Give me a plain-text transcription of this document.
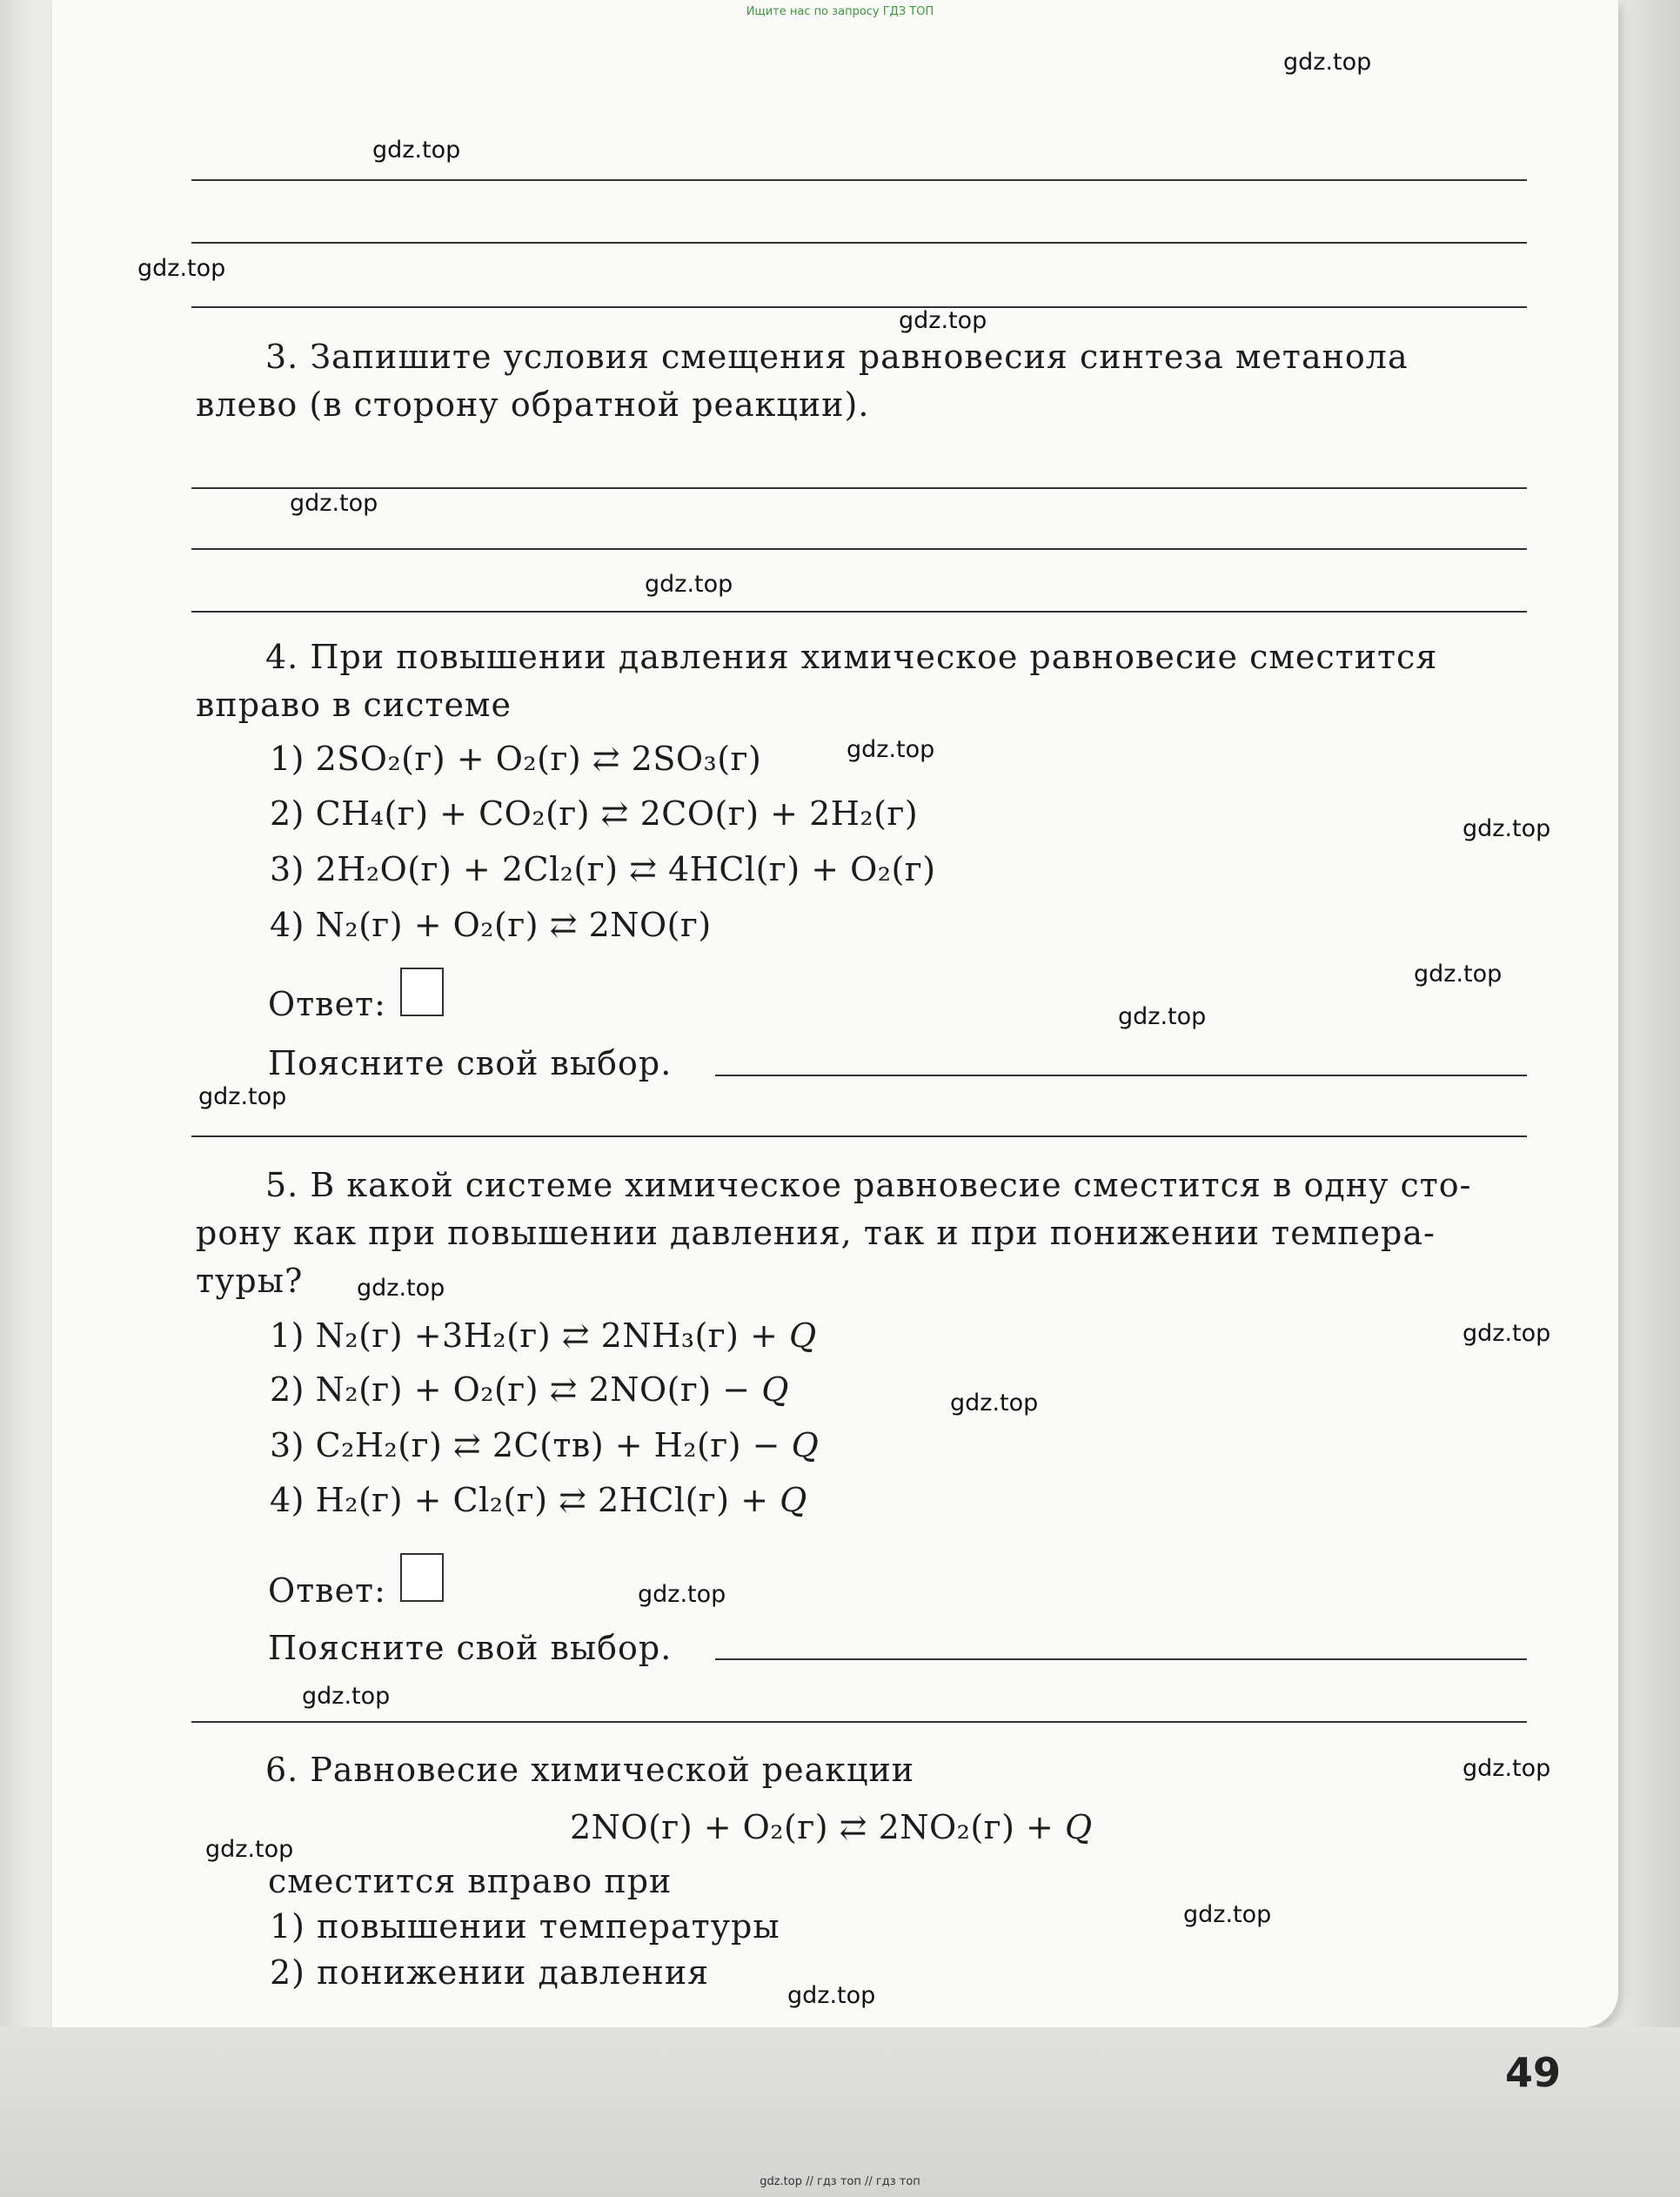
Ищите нас по запросу ГДЗ ТОП
3. Запишите условия смещения равновесия синтеза метанола
влево (в сторону обратной реакции).
4. При повышении давления химическое равновесие сместится
вправо в системе
1) 2SO₂(г) + O₂(г) ⇄ 2SO₃(г)
2) CH₄(г) + CO₂(г) ⇄ 2CO(г) + 2H₂(г)
3) 2H₂O(г) + 2Cl₂(г) ⇄ 4HCl(г) + O₂(г)
4) N₂(г) + O₂(г) ⇄ 2NO(г)
Ответ:
Поясните свой выбор.
5. В какой системе химическое равновесие сместится в одну сто-
рону как при повышении давления, так и при понижении темпера-
туры?
1) N₂(г) +3H₂(г) ⇄ 2NH₃(г) + Q
2) N₂(г) + O₂(г) ⇄ 2NO(г) − Q
3) C₂H₂(г) ⇄ 2C(тв) + H₂(г) − Q
4) H₂(г) + Cl₂(г) ⇄ 2HCl(г) + Q
Ответ:
Поясните свой выбор.
6. Равновесие химической реакции
2NO(г) + O₂(г) ⇄ 2NO₂(г) + Q
сместится вправо при
1) повышении температуры
2) понижении давления
49
gdz.top
gdz.top
gdz.top
gdz.top
gdz.top
gdz.top
gdz.top
gdz.top
gdz.top
gdz.top
gdz.top
gdz.top
gdz.top
gdz.top
gdz.top
gdz.top
gdz.top
gdz.top
gdz.top
gdz.top
gdz.top // гдз топ // гдз топ
